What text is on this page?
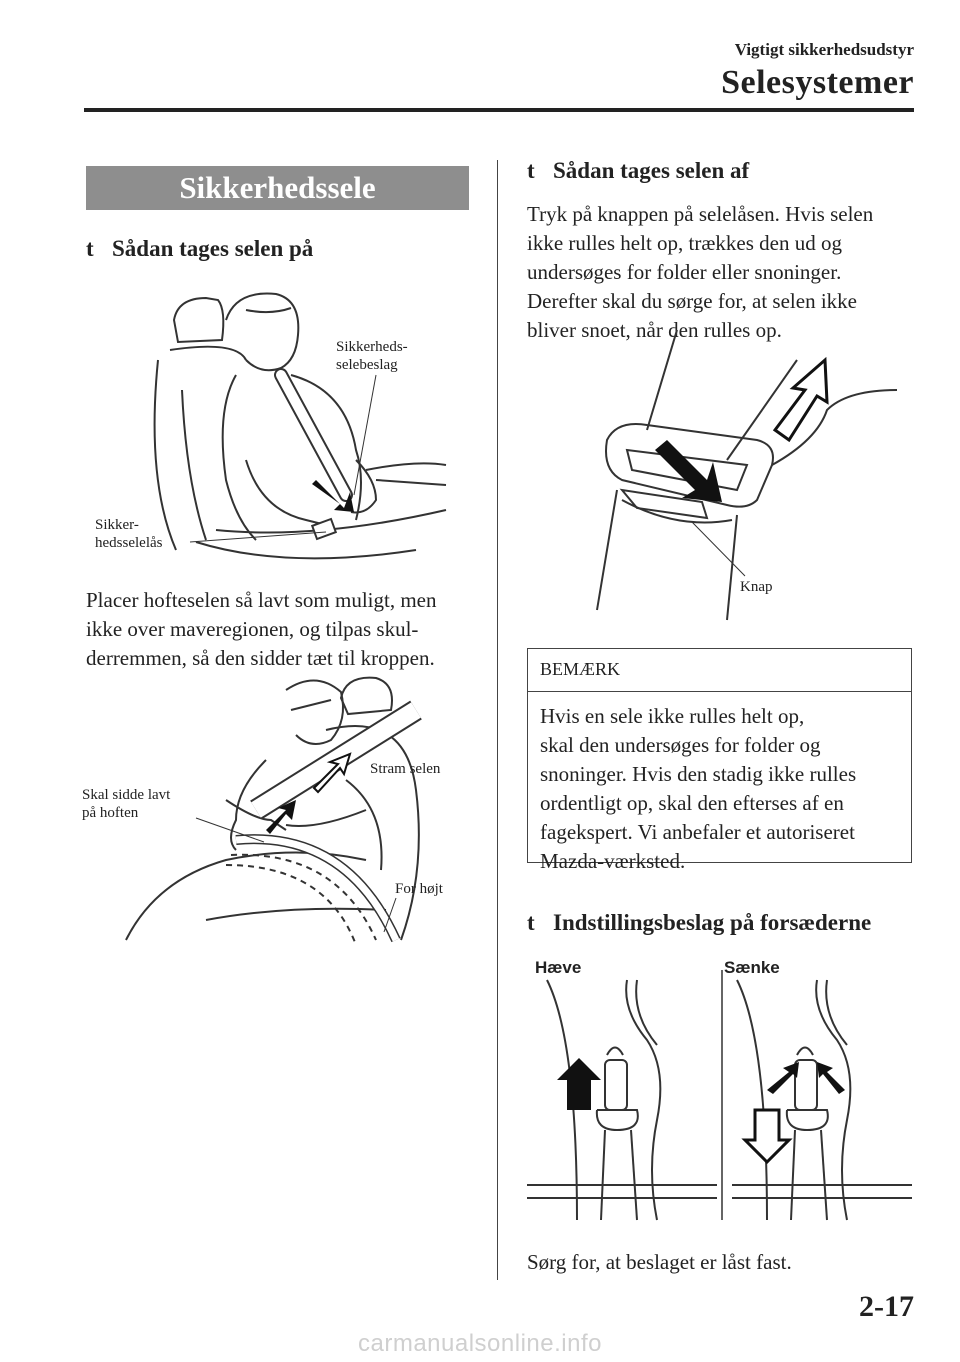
Vigtigt sikkerhedsudstyr
Selesystemer
Sikkerhedssele
t Sådan tages selen på
Sikkerheds-
selebeslag
Sikker-
hedsselelås

Placer hofteselen så lavt som muligt, men

ikke over maveregionen, og tilpas skul-

derremmen, så den sidder tæt til kroppen.

Skal sidde lavt
på hoften
Stram selen
For højt
t Sådan tages selen af

Tryk på knappen på selelåsen. Hvis selen

ikke rulles helt op, trækkes den ud og

undersøges for folder eller snoninger.

Derefter skal du sørge for, at selen ikke

bliver snoet, når den rulles op.

Knap
BEMÆRK

Hvis en sele ikke rulles helt op,

skal den undersøges for folder og

snoninger. Hvis den stadig ikke rulles

ordentligt op, skal den efterses af en

fagekspert. Vi anbefaler et autoriseret

Mazda-værksted.

t Indstillingsbeslag på forsæderne
Hæve	Sænke
Sørg for, at beslaget er låst fast.
2-17
carmanualsonline.info
